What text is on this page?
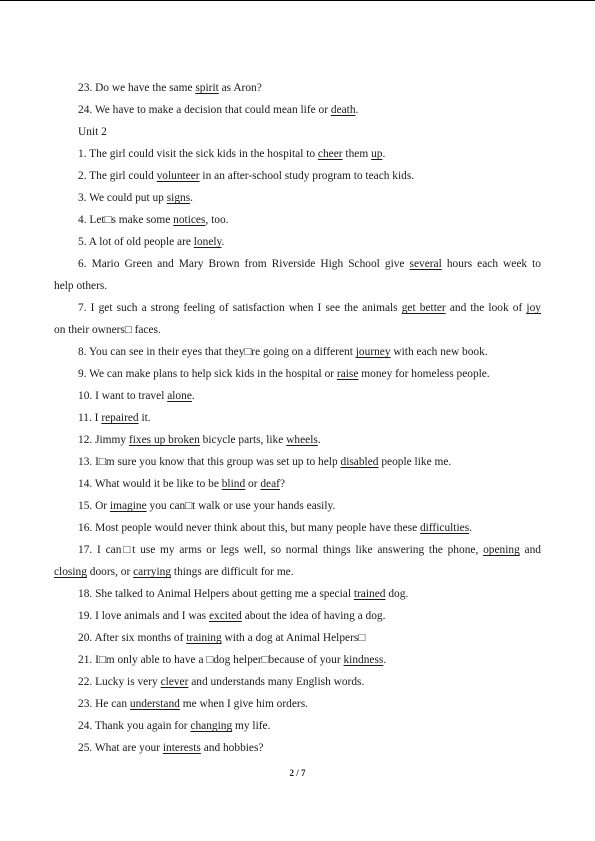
23. Do we have the same spirit as Aron?

24. We have to make a decision that could mean life or death.

Unit 2

1. The girl could visit the sick kids in the hospital to cheer them up.

2. The girl could volunteer in an after-school study program to teach kids.

3. We could put up signs.

4. Let□s make some notices, too.

5. A lot of old people are lonely.

6. Mario Green and Mary Brown from Riverside High School give several hours each week to

help others.

7. I get such a strong feeling of satisfaction when I see the animals get better and the look of joy

on their owners□ faces.

8. You can see in their eyes that they□re going on a different journey with each new book.

9. We can make plans to help sick kids in the hospital or raise money for homeless people.

10. I want to travel alone.

11. I repaired it.

12. Jimmy fixes up broken bicycle parts, like wheels.

13. I□m sure you know that this group was set up to help disabled people like me.

14. What would it be like to be blind or deaf?

15. Or imagine you can□t walk or use your hands easily.

16. Most people would never think about this, but many people have these difficulties.

17. I can□t use my arms or legs well, so normal things like answering the phone, opening and

closing doors, or carrying things are difficult for me.

18. She talked to Animal Helpers about getting me a special trained dog.

19. I love animals and I was excited about the idea of having a dog.

20. After six months of training with a dog at Animal Helpers□

21. I□m only able to have a □dog helper□because of your kindness.

22. Lucky is very clever and understands many English words.

23. He can understand me when I give him orders.

24. Thank you again for changing my life.

25. What are your interests and hobbies?

2 / 7
